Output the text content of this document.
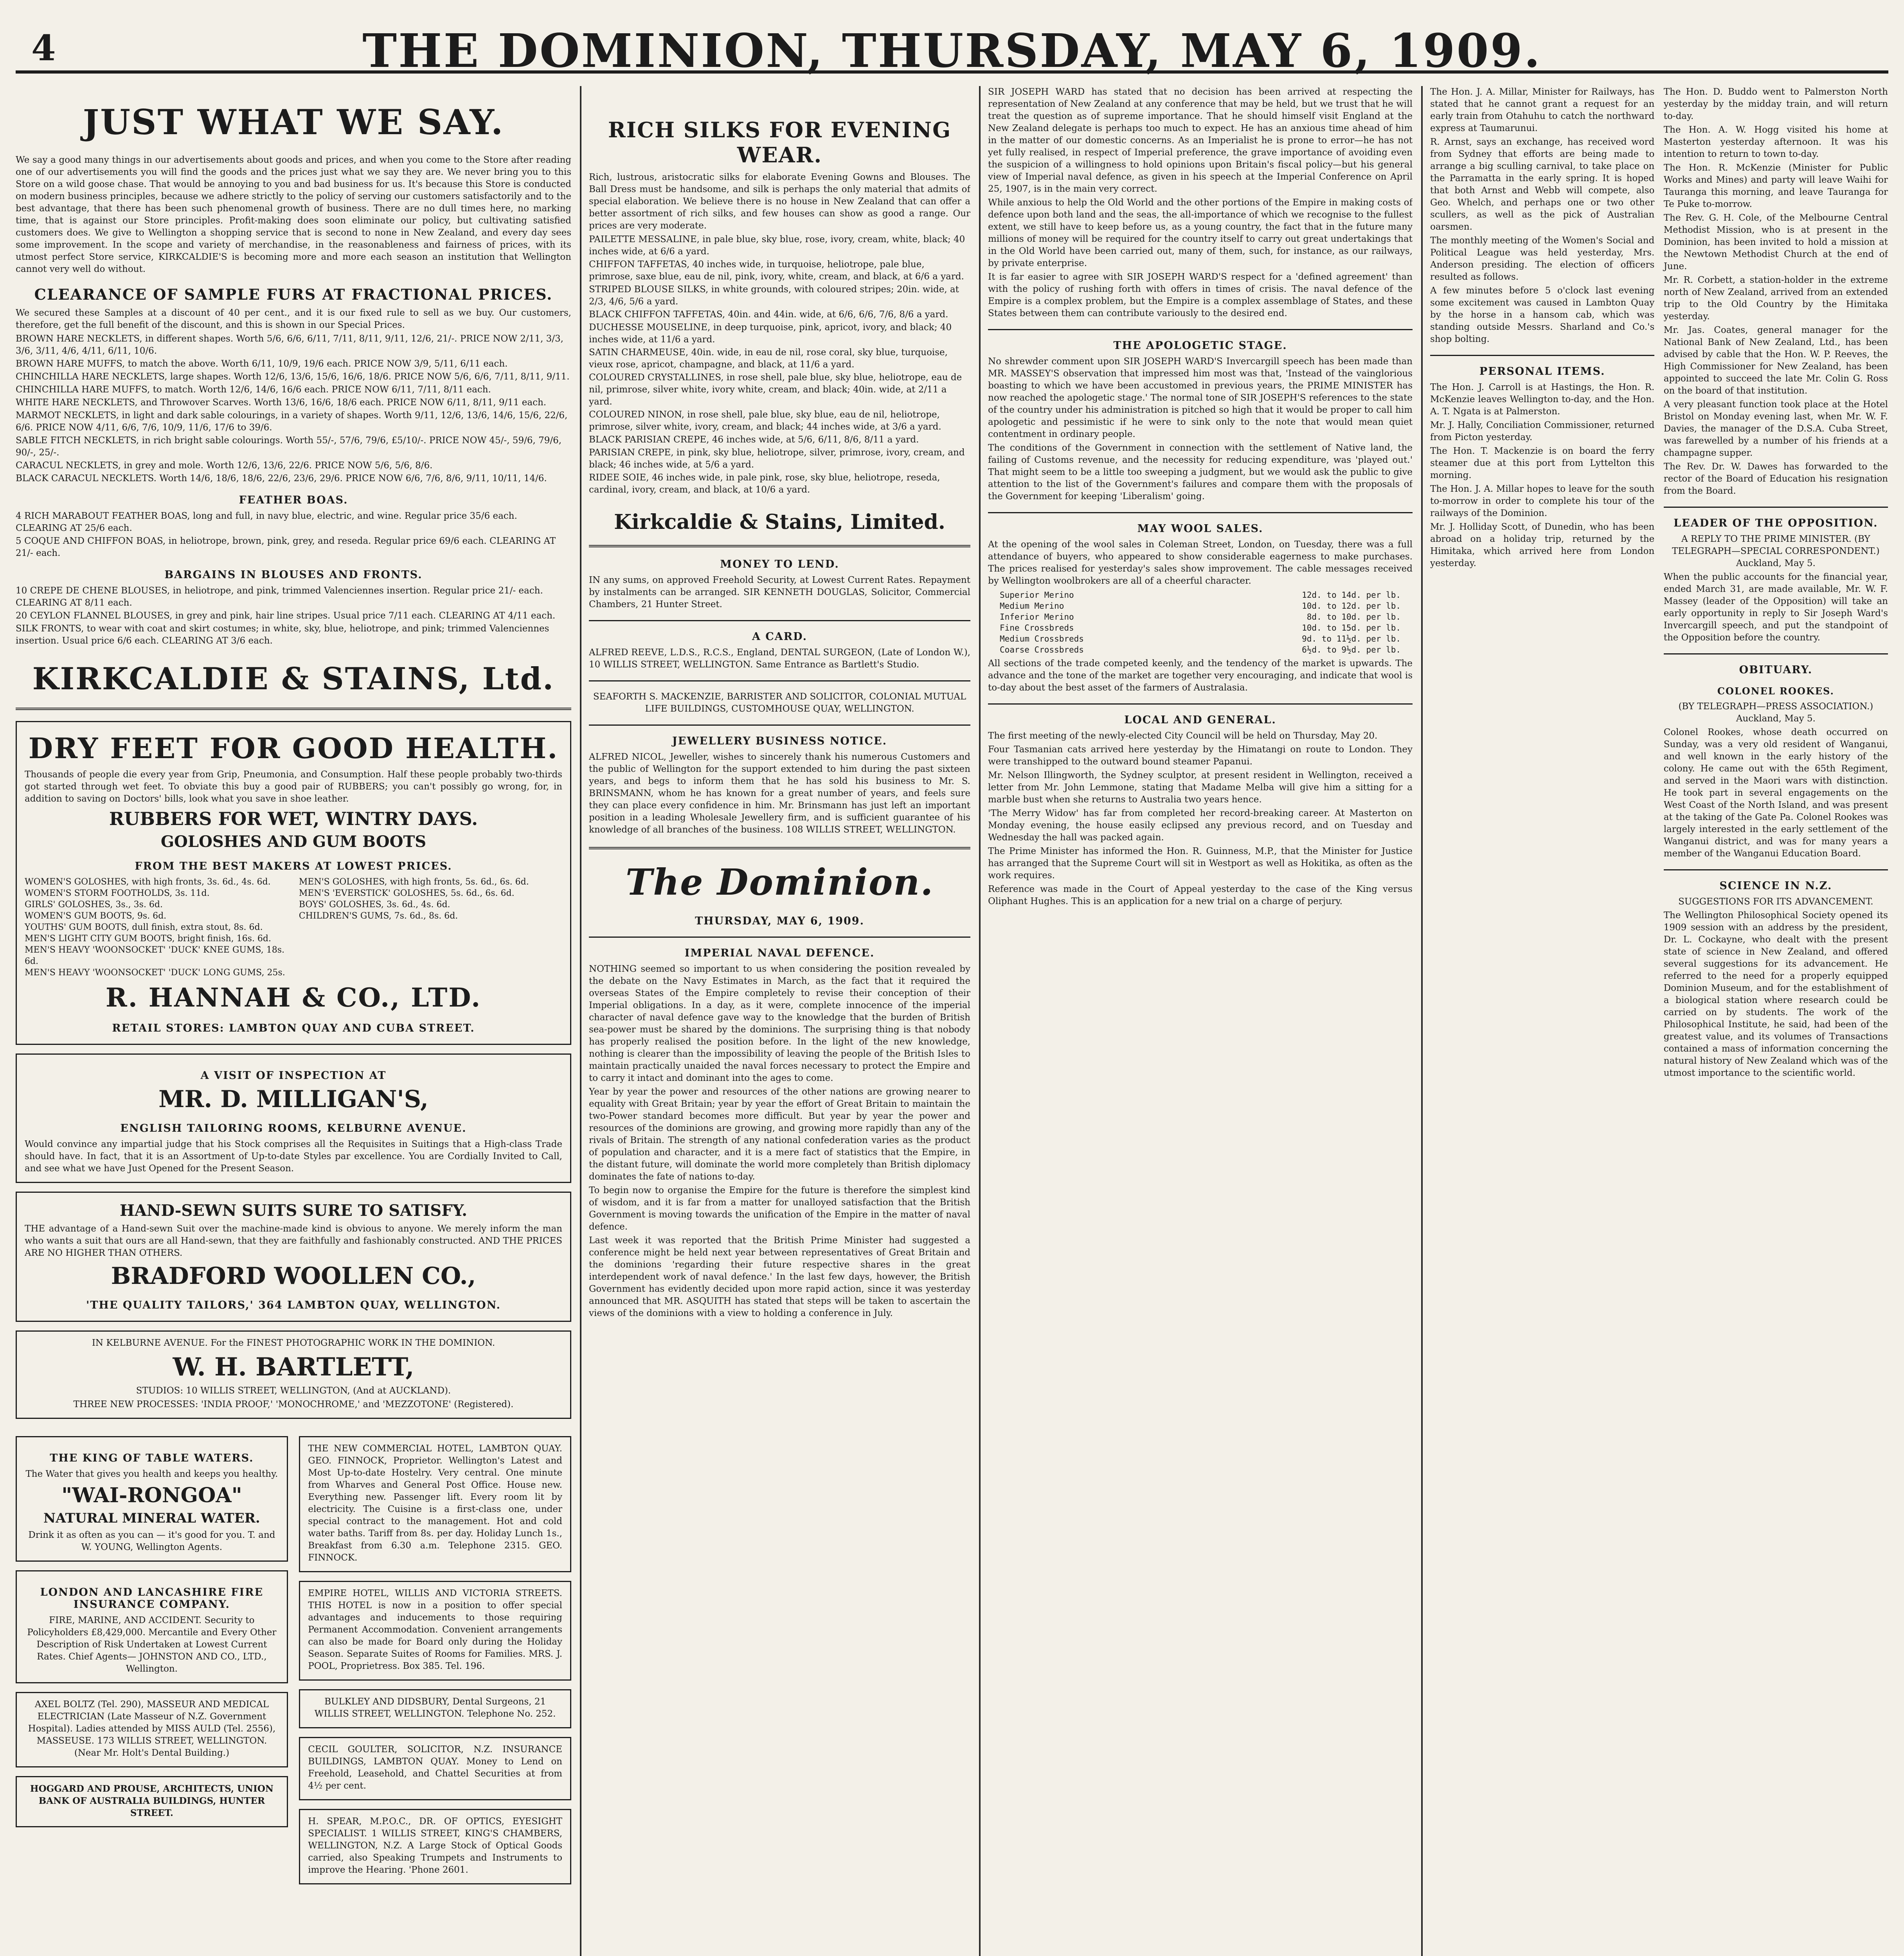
4	THE DOMINION, THURSDAY, MAY 6, 1909.
JUST WHAT WE SAY.

We say a good many things in our advertisements about goods and prices, and when you come to the Store after reading one of our advertisements you will find the goods and the prices just what we say they are. We never bring you to this Store on a wild goose chase. That would be annoying to you and bad business for us. It's because this Store is conducted on modern business principles, because we adhere strictly to the policy of serving our customers satisfactorily and to the best advantage, that there has been such phenomenal growth of business. There are no dull times here, no marking time, that is against our Store principles. Profit-making does soon eliminate our policy, but cultivating satisfied customers does. We give to Wellington a shopping service that is second to none in New Zealand, and every day sees some improvement. In the scope and variety of merchandise, in the reasonableness and fairness of prices, with its utmost perfect Store service, KIRKCALDIE'S is becoming more and more each season an institution that Wellington cannot very well do without.

CLEARANCE OF SAMPLE FURS AT FRACTIONAL PRICES.

We secured these Samples at a discount of 40 per cent., and it is our fixed rule to sell as we buy. Our customers, therefore, get the full benefit of the discount, and this is shown in our Special Prices.

BROWN HARE NECKLETS, in different shapes. Worth 5/6, 6/6, 6/11, 7/11, 8/11, 9/11, 12/6, 21/-. PRICE NOW 2/11, 3/3, 3/6, 3/11, 4/6, 4/11, 6/11, 10/6.
BROWN HARE MUFFS, to match the above. Worth 6/11, 10/9, 19/6 each. PRICE NOW 3/9, 5/11, 6/11 each.
CHINCHILLA HARE NECKLETS, large shapes. Worth 12/6, 13/6, 15/6, 16/6, 18/6. PRICE NOW 5/6, 6/6, 7/11, 8/11, 9/11.
CHINCHILLA HARE MUFFS, to match. Worth 12/6, 14/6, 16/6 each. PRICE NOW 6/11, 7/11, 8/11 each.
WHITE HARE NECKLETS, and Throwover Scarves. Worth 13/6, 16/6, 18/6 each. PRICE NOW 6/11, 8/11, 9/11 each.
MARMOT NECKLETS, in light and dark sable colourings, in a variety of shapes. Worth 9/11, 12/6, 13/6, 14/6, 15/6, 22/6, 6/6. PRICE NOW 4/11, 6/6, 7/6, 10/9, 11/6, 17/6 to 39/6.
SABLE FITCH NECKLETS, in rich bright sable colourings. Worth 55/-, 57/6, 79/6, £5/10/-. PRICE NOW 45/-, 59/6, 79/6, 90/-, 25/-.
CARACUL NECKLETS, in grey and mole. Worth 12/6, 13/6, 22/6. PRICE NOW 5/6, 5/6, 8/6.
BLACK CARACUL NECKLETS. Worth 14/6, 18/6, 18/6, 22/6, 23/6, 29/6. PRICE NOW 6/6, 7/6, 8/6, 9/11, 10/11, 14/6.
FEATHER BOAS.
4 RICH MARABOUT FEATHER BOAS, long and full, in navy blue, electric, and wine. Regular price 35/6 each. CLEARING AT 25/6 each.
5 COQUE AND CHIFFON BOAS, in heliotrope, brown, pink, grey, and reseda. Regular price 69/6 each. CLEARING AT 21/- each.
BARGAINS IN BLOUSES AND FRONTS.
10 CREPE DE CHENE BLOUSES, in heliotrope, and pink, trimmed Valenciennes insertion. Regular price 21/- each. CLEARING AT 8/11 each.
20 CEYLON FLANNEL BLOUSES, in grey and pink, hair line stripes. Usual price 7/11 each. CLEARING AT 4/11 each.
SILK FRONTS, to wear with coat and skirt costumes; in white, sky, blue, heliotrope, and pink; trimmed Valenciennes insertion. Usual price 6/6 each. CLEARING AT 3/6 each.
KIRKCALDIE & STAINS, Ltd.
DRY FEET FOR GOOD HEALTH.

Thousands of people die every year from Grip, Pneumonia, and Consumption. Half these people probably two-thirds got started through wet feet. To obviate this buy a good pair of RUBBERS; you can't possibly go wrong, for, in addition to saving on Doctors' bills, look what you save in shoe leather.

RUBBERS FOR WET, WINTRY DAYS.
GOLOSHES AND GUM BOOTS
FROM THE BEST MAKERS AT LOWEST PRICES.
WOMEN'S GOLOSHES, with high fronts, 3s. 6d., 4s. 6d.
WOMEN'S STORM FOOTHOLDS, 3s. 11d.
GIRLS' GOLOSHES, 3s., 3s. 6d.
WOMEN'S GUM BOOTS, 9s. 6d.
YOUTHS' GUM BOOTS, dull finish, extra stout, 8s. 6d.
MEN'S LIGHT CITY GUM BOOTS, bright finish, 16s. 6d.
MEN'S HEAVY 'WOONSOCKET' 'DUCK' KNEE GUMS, 18s. 6d.
MEN'S HEAVY 'WOONSOCKET' 'DUCK' LONG GUMS, 25s.
MEN'S GOLOSHES, with high fronts, 5s. 6d., 6s. 6d.
MEN'S 'EVERSTICK' GOLOSHES, 5s. 6d., 6s. 6d.
BOYS' GOLOSHES, 3s. 6d., 4s. 6d.
CHILDREN'S GUMS, 7s. 6d., 8s. 6d.
R. HANNAH & CO., LTD.
RETAIL STORES: LAMBTON QUAY AND CUBA STREET.
A VISIT OF INSPECTION AT
MR. D. MILLIGAN'S,
ENGLISH TAILORING ROOMS, KELBURNE AVENUE.

Would convince any impartial judge that his Stock comprises all the Requisites in Suitings that a High-class Trade should have. In fact, that it is an Assortment of Up-to-date Styles par excellence. You are Cordially Invited to Call, and see what we have Just Opened for the Present Season.

HAND-SEWN SUITS SURE TO SATISFY.

THE advantage of a Hand-sewn Suit over the machine-made kind is obvious to anyone. We merely inform the man who wants a suit that ours are all Hand-sewn, that they are faithfully and fashionably constructed. AND THE PRICES ARE NO HIGHER THAN OTHERS.

BRADFORD WOOLLEN CO.,
'THE QUALITY TAILORS,' 364 LAMBTON QUAY, WELLINGTON.

IN KELBURNE AVENUE. For the FINEST PHOTOGRAPHIC WORK IN THE DOMINION.

W. H. BARTLETT,

STUDIOS: 10 WILLIS STREET, WELLINGTON, (And at AUCKLAND).

THREE NEW PROCESSES: 'INDIA PROOF,' 'MONOCHROME,' and 'MEZZOTONE' (Registered).

THE KING OF TABLE WATERS.

The Water that gives you health and keeps you healthy.

"WAI-RONGOA"
NATURAL MINERAL WATER.

Drink it as often as you can — it's good for you. T. and W. YOUNG, Wellington Agents.

LONDON AND LANCASHIRE FIRE INSURANCE COMPANY.

FIRE, MARINE, AND ACCIDENT. Security to Policyholders £8,429,000. Mercantile and Every Other Description of Risk Undertaken at Lowest Current Rates. Chief Agents— JOHNSTON AND CO., LTD., Wellington.

AXEL BOLTZ (Tel. 290), MASSEUR AND MEDICAL ELECTRICIAN (Late Masseur of N.Z. Government Hospital). Ladies attended by MISS AULD (Tel. 2556), MASSEUSE. 173 WILLIS STREET, WELLINGTON. (Near Mr. Holt's Dental Building.)

HOGGARD AND PROUSE, ARCHITECTS, UNION BANK OF AUSTRALIA BUILDINGS, HUNTER STREET.

THE NEW COMMERCIAL HOTEL, LAMBTON QUAY. GEO. FINNOCK, Proprietor. Wellington's Latest and Most Up-to-date Hostelry. Very central. One minute from Wharves and General Post Office. House new. Everything new. Passenger lift. Every room lit by electricity. The Cuisine is a first-class one, under special contract to the management. Hot and cold water baths. Tariff from 8s. per day. Holiday Lunch 1s., Breakfast from 6.30 a.m. Telephone 2315. GEO. FINNOCK.

EMPIRE HOTEL, WILLIS AND VICTORIA STREETS. THIS HOTEL is now in a position to offer special advantages and inducements to those requiring Permanent Accommodation. Convenient arrangements can also be made for Board only during the Holiday Season. Separate Suites of Rooms for Families. MRS. J. POOL, Proprietress. Box 385. Tel. 196.

BULKLEY AND DIDSBURY, Dental Surgeons, 21 WILLIS STREET, WELLINGTON. Telephone No. 252.

CECIL GOULTER, SOLICITOR, N.Z. INSURANCE BUILDINGS, LAMBTON QUAY. Money to Lend on Freehold, Leasehold, and Chattel Securities at from 4½ per cent.

H. SPEAR, M.P.O.C., DR. OF OPTICS, EYESIGHT SPECIALIST. 1 WILLIS STREET, KING'S CHAMBERS, WELLINGTON, N.Z. A Large Stock of Optical Goods carried, also Speaking Trumpets and Instruments to improve the Hearing. 'Phone 2601.

RICH SILKS FOR EVENING WEAR.

Rich, lustrous, aristocratic silks for elaborate Evening Gowns and Blouses. The Ball Dress must be handsome, and silk is perhaps the only material that admits of special elaboration. We believe there is no house in New Zealand that can offer a better assortment of rich silks, and few houses can show as good a range. Our prices are very moderate.

PAILETTE MESSALINE, in pale blue, sky blue, rose, ivory, cream, white, black; 40 inches wide, at 6/6 a yard.
CHIFFON TAFFETAS, 40 inches wide, in turquoise, heliotrope, pale blue, primrose, saxe blue, eau de nil, pink, ivory, white, cream, and black, at 6/6 a yard.
STRIPED BLOUSE SILKS, in white grounds, with coloured stripes; 20in. wide, at 2/3, 4/6, 5/6 a yard.
BLACK CHIFFON TAFFETAS, 40in. and 44in. wide, at 6/6, 6/6, 7/6, 8/6 a yard.
DUCHESSE MOUSELINE, in deep turquoise, pink, apricot, ivory, and black; 40 inches wide, at 11/6 a yard.
SATIN CHARMEUSE, 40in. wide, in eau de nil, rose coral, sky blue, turquoise, vieux rose, apricot, champagne, and black, at 11/6 a yard.
COLOURED CRYSTALLINES, in rose shell, pale blue, sky blue, heliotrope, eau de nil, primrose, silver white, ivory white, cream, and black; 40in. wide, at 2/11 a yard.
COLOURED NINON, in rose shell, pale blue, sky blue, eau de nil, heliotrope, primrose, silver white, ivory, cream, and black; 44 inches wide, at 3/6 a yard.
BLACK PARISIAN CREPE, 46 inches wide, at 5/6, 6/11, 8/6, 8/11 a yard.
PARISIAN CREPE, in pink, sky blue, heliotrope, silver, primrose, ivory, cream, and black; 46 inches wide, at 5/6 a yard.
RIDEE SOIE, 46 inches wide, in pale pink, rose, sky blue, heliotrope, reseda, cardinal, ivory, cream, and black, at 10/6 a yard.
Kirkcaldie & Stains, Limited.
MONEY TO LEND.

IN any sums, on approved Freehold Security, at Lowest Current Rates. Repayment by instalments can be arranged. SIR KENNETH DOUGLAS, Solicitor, Commercial Chambers, 21 Hunter Street.

A CARD.

ALFRED REEVE, L.D.S., R.C.S., England, DENTAL SURGEON, (Late of London W.), 10 WILLIS STREET, WELLINGTON. Same Entrance as Bartlett's Studio.

SEAFORTH S. MACKENZIE, BARRISTER AND SOLICITOR, COLONIAL MUTUAL LIFE BUILDINGS, CUSTOMHOUSE QUAY, WELLINGTON.

JEWELLERY BUSINESS NOTICE.

ALFRED NICOL, Jeweller, wishes to sincerely thank his numerous Customers and the public of Wellington for the support extended to him during the past sixteen years, and begs to inform them that he has sold his business to Mr. S. BRINSMANN, whom he has known for a great number of years, and feels sure they can place every confidence in him. Mr. Brinsmann has just left an important position in a leading Wholesale Jewellery firm, and is sufficient guarantee of his knowledge of all branches of the business. 108 WILLIS STREET, WELLINGTON.

The Dominion.
THURSDAY, MAY 6, 1909.
IMPERIAL NAVAL DEFENCE.

NOTHING seemed so important to us when considering the position revealed by the debate on the Navy Estimates in March, as the fact that it required the overseas States of the Empire completely to revise their conception of their Imperial obligations. In a day, as it were, complete innocence of the imperial character of naval defence gave way to the knowledge that the burden of British sea-power must be shared by the dominions. The surprising thing is that nobody has properly realised the position before. In the light of the new knowledge, nothing is clearer than the impossibility of leaving the people of the British Isles to maintain practically unaided the naval forces necessary to protect the Empire and to carry it intact and dominant into the ages to come.

Year by year the power and resources of the other nations are growing nearer to equality with Great Britain; year by year the effort of Great Britain to maintain the two-Power standard becomes more difficult. But year by year the power and resources of the dominions are growing, and growing more rapidly than any of the rivals of Britain. The strength of any national confederation varies as the product of population and character, and it is a mere fact of statistics that the Empire, in the distant future, will dominate the world more completely than British diplomacy dominates the fate of nations to-day.

To begin now to organise the Empire for the future is therefore the simplest kind of wisdom, and it is far from a matter for unalloyed satisfaction that the British Government is moving towards the unification of the Empire in the matter of naval defence.

Last week it was reported that the British Prime Minister had suggested a conference might be held next year between representatives of Great Britain and the dominions 'regarding their future respective shares in the great interdependent work of naval defence.' In the last few days, however, the British Government has evidently decided upon more rapid action, since it was yesterday announced that MR. ASQUITH has stated that steps will be taken to ascertain the views of the dominions with a view to holding a conference in July.

SIR JOSEPH WARD has stated that no decision has been arrived at respecting the representation of New Zealand at any conference that may be held, but we trust that he will treat the question as of supreme importance. That he should himself visit England at the New Zealand delegate is perhaps too much to expect. He has an anxious time ahead of him in the matter of our domestic concerns. As an Imperialist he is prone to error—he has not yet fully realised, in respect of Imperial preference, the grave importance of avoiding even the suspicion of a willingness to hold opinions upon Britain's fiscal policy—but his general view of Imperial naval defence, as given in his speech at the Imperial Conference on April 25, 1907, is in the main very correct.

While anxious to help the Old World and the other portions of the Empire in making costs of defence upon both land and the seas, the all-importance of which we recognise to the fullest extent, we still have to keep before us, as a young country, the fact that in the future many millions of money will be required for the country itself to carry out great undertakings that in the Old World have been carried out, many of them, such, for instance, as our railways, by private enterprise.

It is far easier to agree with SIR JOSEPH WARD'S respect for a 'defined agreement' than with the policy of rushing forth with offers in times of crisis. The naval defence of the Empire is a complex problem, but the Empire is a complex assemblage of States, and these States between them can contribute variously to the desired end.

THE APOLOGETIC STAGE.

No shrewder comment upon SIR JOSEPH WARD'S Invercargill speech has been made than MR. MASSEY'S observation that impressed him most was that, 'Instead of the vainglorious boasting to which we have been accustomed in previous years, the PRIME MINISTER has now reached the apologetic stage.' The normal tone of SIR JOSEPH'S references to the state of the country under his administration is pitched so high that it would be proper to call him apologetic and pessimistic if he were to sink only to the note that would mean quiet contentment in ordinary people.

The conditions of the Government in connection with the settlement of Native land, the failing of Customs revenue, and the necessity for reducing expenditure, was 'played out.' That might seem to be a little too sweeping a judgment, but we would ask the public to give attention to the list of the Government's failures and compare them with the proposals of the Government for keeping 'Liberalism' going.

MAY WOOL SALES.

At the opening of the wool sales in Coleman Street, London, on Tuesday, there was a full attendance of buyers, who appeared to show considerable eagerness to make purchases. The prices realised for yesterday's sales show improvement. The cable messages received by Wellington woolbrokers are all of a cheerful character.

Superior Merino	12d. to 14d. per lb.
Medium Merino	10d. to 12d. per lb.
Inferior Merino	8d. to 10d. per lb.
Fine Crossbreds	10d. to 15d. per lb.
Medium Crossbreds	9d. to 11½d. per lb.
Coarse Crossbreds	6½d. to 9½d. per lb.

All sections of the trade competed keenly, and the tendency of the market is upwards. The advance and the tone of the market are together very encouraging, and indicate that wool is to-day about the best asset of the farmers of Australasia.

LOCAL AND GENERAL.

The first meeting of the newly-elected City Council will be held on Thursday, May 20.

Four Tasmanian cats arrived here yesterday by the Himatangi on route to London. They were transhipped to the outward bound steamer Papanui.

Mr. Nelson Illingworth, the Sydney sculptor, at present resident in Wellington, received a letter from Mr. John Lemmone, stating that Madame Melba will give him a sitting for a marble bust when she returns to Australia two years hence.

'The Merry Widow' has far from completed her record-breaking career. At Masterton on Monday evening, the house easily eclipsed any previous record, and on Tuesday and Wednesday the hall was packed again.

The Prime Minister has informed the Hon. R. Guinness, M.P., that the Minister for Justice has arranged that the Supreme Court will sit in Westport as well as Hokitika, as often as the work requires.

Reference was made in the Court of Appeal yesterday to the case of the King versus Oliphant Hughes. This is an application for a new trial on a charge of perjury.

The Hon. J. A. Millar, Minister for Railways, has stated that he cannot grant a request for an early train from Otahuhu to catch the northward express at Taumarunui.

R. Arnst, says an exchange, has received word from Sydney that efforts are being made to arrange a big sculling carnival, to take place on the Parramatta in the early spring. It is hoped that both Arnst and Webb will compete, also Geo. Whelch, and perhaps one or two other scullers, as well as the pick of Australian oarsmen.

The monthly meeting of the Women's Social and Political League was held yesterday, Mrs. Anderson presiding. The election of officers resulted as follows.

A few minutes before 5 o'clock last evening some excitement was caused in Lambton Quay by the horse in a hansom cab, which was standing outside Messrs. Sharland and Co.'s shop bolting.

PERSONAL ITEMS.

The Hon. J. Carroll is at Hastings, the Hon. R. McKenzie leaves Wellington to-day, and the Hon. A. T. Ngata is at Palmerston.

Mr. J. Hally, Conciliation Commissioner, returned from Picton yesterday.

The Hon. T. Mackenzie is on board the ferry steamer due at this port from Lyttelton this morning.

The Hon. J. A. Millar hopes to leave for the south to-morrow in order to complete his tour of the railways of the Dominion.

Mr. J. Holliday Scott, of Dunedin, who has been abroad on a holiday trip, returned by the Himitaka, which arrived here from London yesterday.

The Hon. D. Buddo went to Palmerston North yesterday by the midday train, and will return to-day.

The Hon. A. W. Hogg visited his home at Masterton yesterday afternoon. It was his intention to return to town to-day.

The Hon. R. McKenzie (Minister for Public Works and Mines) and party will leave Waihi for Tauranga this morning, and leave Tauranga for Te Puke to-morrow.

The Rev. G. H. Cole, of the Melbourne Central Methodist Mission, who is at present in the Dominion, has been invited to hold a mission at the Newtown Methodist Church at the end of June.

Mr. R. Corbett, a station-holder in the extreme north of New Zealand, arrived from an extended trip to the Old Country by the Himitaka yesterday.

Mr. Jas. Coates, general manager for the National Bank of New Zealand, Ltd., has been advised by cable that the Hon. W. P. Reeves, the High Commissioner for New Zealand, has been appointed to succeed the late Mr. Colin G. Ross on the board of that institution.

A very pleasant function took place at the Hotel Bristol on Monday evening last, when Mr. W. F. Davies, the manager of the D.S.A. Cuba Street, was farewelled by a number of his friends at a champagne supper.

The Rev. Dr. W. Dawes has forwarded to the rector of the Board of Education his resignation from the Board.

LEADER OF THE OPPOSITION.

A REPLY TO THE PRIME MINISTER. (BY TELEGRAPH—SPECIAL CORRESPONDENT.) Auckland, May 5.

When the public accounts for the financial year, ended March 31, are made available, Mr. W. F. Massey (leader of the Opposition) will take an early opportunity in reply to Sir Joseph Ward's Invercargill speech, and put the standpoint of the Opposition before the country.

OBITUARY.
COLONEL ROOKES.

(BY TELEGRAPH—PRESS ASSOCIATION.) Auckland, May 5.

Colonel Rookes, whose death occurred on Sunday, was a very old resident of Wanganui, and well known in the early history of the colony. He came out with the 65th Regiment, and served in the Maori wars with distinction. He took part in several engagements on the West Coast of the North Island, and was present at the taking of the Gate Pa. Colonel Rookes was largely interested in the early settlement of the Wanganui district, and was for many years a member of the Wanganui Education Board.

SCIENCE IN N.Z.

SUGGESTIONS FOR ITS ADVANCEMENT.

The Wellington Philosophical Society opened its 1909 session with an address by the president, Dr. L. Cockayne, who dealt with the present state of science in New Zealand, and offered several suggestions for its advancement. He referred to the need for a properly equipped Dominion Museum, and for the establishment of a biological station where research could be carried on by students. The work of the Philosophical Institute, he said, had been of the greatest value, and its volumes of Transactions contained a mass of information concerning the natural history of New Zealand which was of the utmost importance to the scientific world.
